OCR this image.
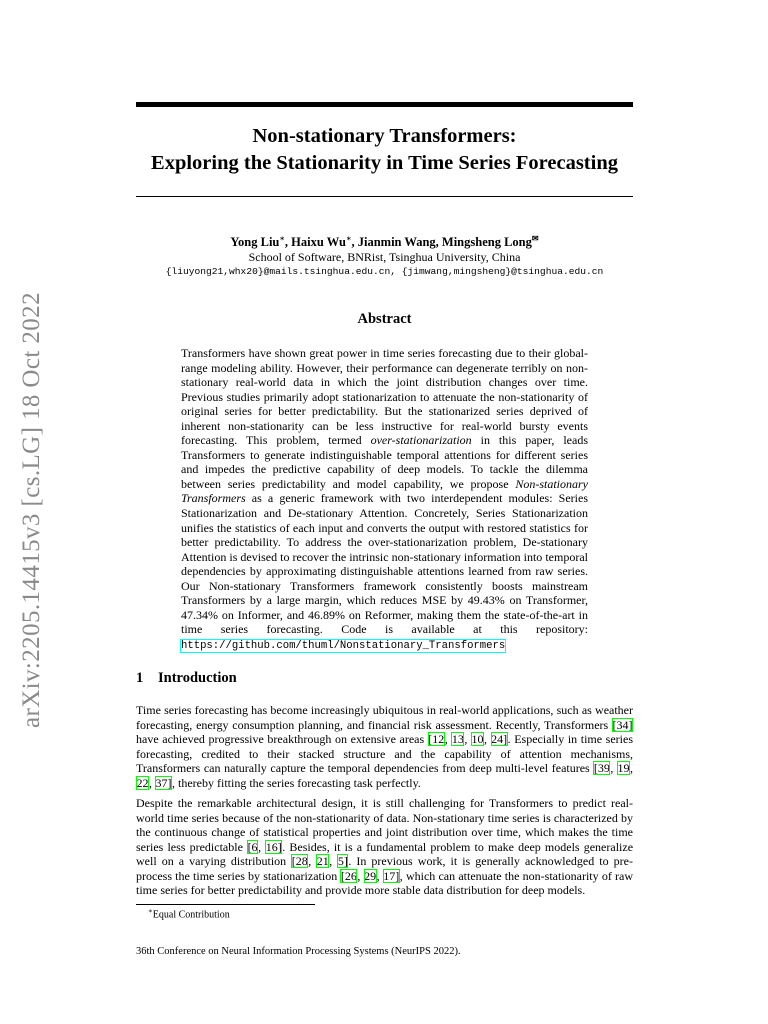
arXiv:2205.14415v3 [cs.LG] 18 Oct 2022
Non-stationary Transformers:
Exploring the Stationarity in Time Series Forecasting
Yong Liu∗, Haixu Wu∗, Jianmin Wang, Mingsheng Long✉
School of Software, BNRist, Tsinghua University, China
{liuyong21,whx20}@mails.tsinghua.edu.cn, {jimwang,mingsheng}@tsinghua.edu.cn
Abstract
Transformers have shown great power in time series forecasting due to their global-range modeling ability. However, their performance can degenerate terribly on non-stationary real-world data in which the joint distribution changes over time. Previous studies primarily adopt stationarization to attenuate the non-stationarity of original series for better predictability. But the stationarized series deprived of inherent non-stationarity can be less instructive for real-world bursty events forecasting. This problem, termed over-stationarization in this paper, leads Transformers to generate indistinguishable temporal attentions for different series and impedes the predictive capability of deep models. To tackle the dilemma between series predictability and model capability, we propose Non-stationary Transformers as a generic framework with two interdependent modules: Series Stationarization and De-stationary Attention. Concretely, Series Stationarization unifies the statistics of each input and converts the output with restored statistics for better predictability. To address the over-stationarization problem, De-stationary Attention is devised to recover the intrinsic non-stationary information into temporal dependencies by approximating distinguishable attentions learned from raw series. Our Non-stationary Transformers framework consistently boosts mainstream Transformers by a large margin, which reduces MSE by 49.43% on Transformer, 47.34% on Informer, and 46.89% on Reformer, making them the state-of-the-art in time series forecasting. Code is available at this repository: https://github.com/thuml/Nonstationary_Transformers
1 Introduction
Time series forecasting has become increasingly ubiquitous in real-world applications, such as weather forecasting, energy consumption planning, and financial risk assessment. Recently, Transformers [34] have achieved progressive breakthrough on extensive areas [12, 13, 10, 24]. Especially in time series forecasting, credited to their stacked structure and the capability of attention mechanisms, Transformers can naturally capture the temporal dependencies from deep multi-level features [39, 19, 22, 37], thereby fitting the series forecasting task perfectly.
Despite the remarkable architectural design, it is still challenging for Transformers to predict real-world time series because of the non-stationarity of data. Non-stationary time series is characterized by the continuous change of statistical properties and joint distribution over time, which makes the time series less predictable [6, 16]. Besides, it is a fundamental problem to make deep models generalize well on a varying distribution [28, 21, 5]. In previous work, it is generally acknowledged to pre-process the time series by stationarization [26, 29, 17], which can attenuate the non-stationarity of raw time series for better predictability and provide more stable data distribution for deep models.
∗Equal Contribution
36th Conference on Neural Information Processing Systems (NeurIPS 2022).
